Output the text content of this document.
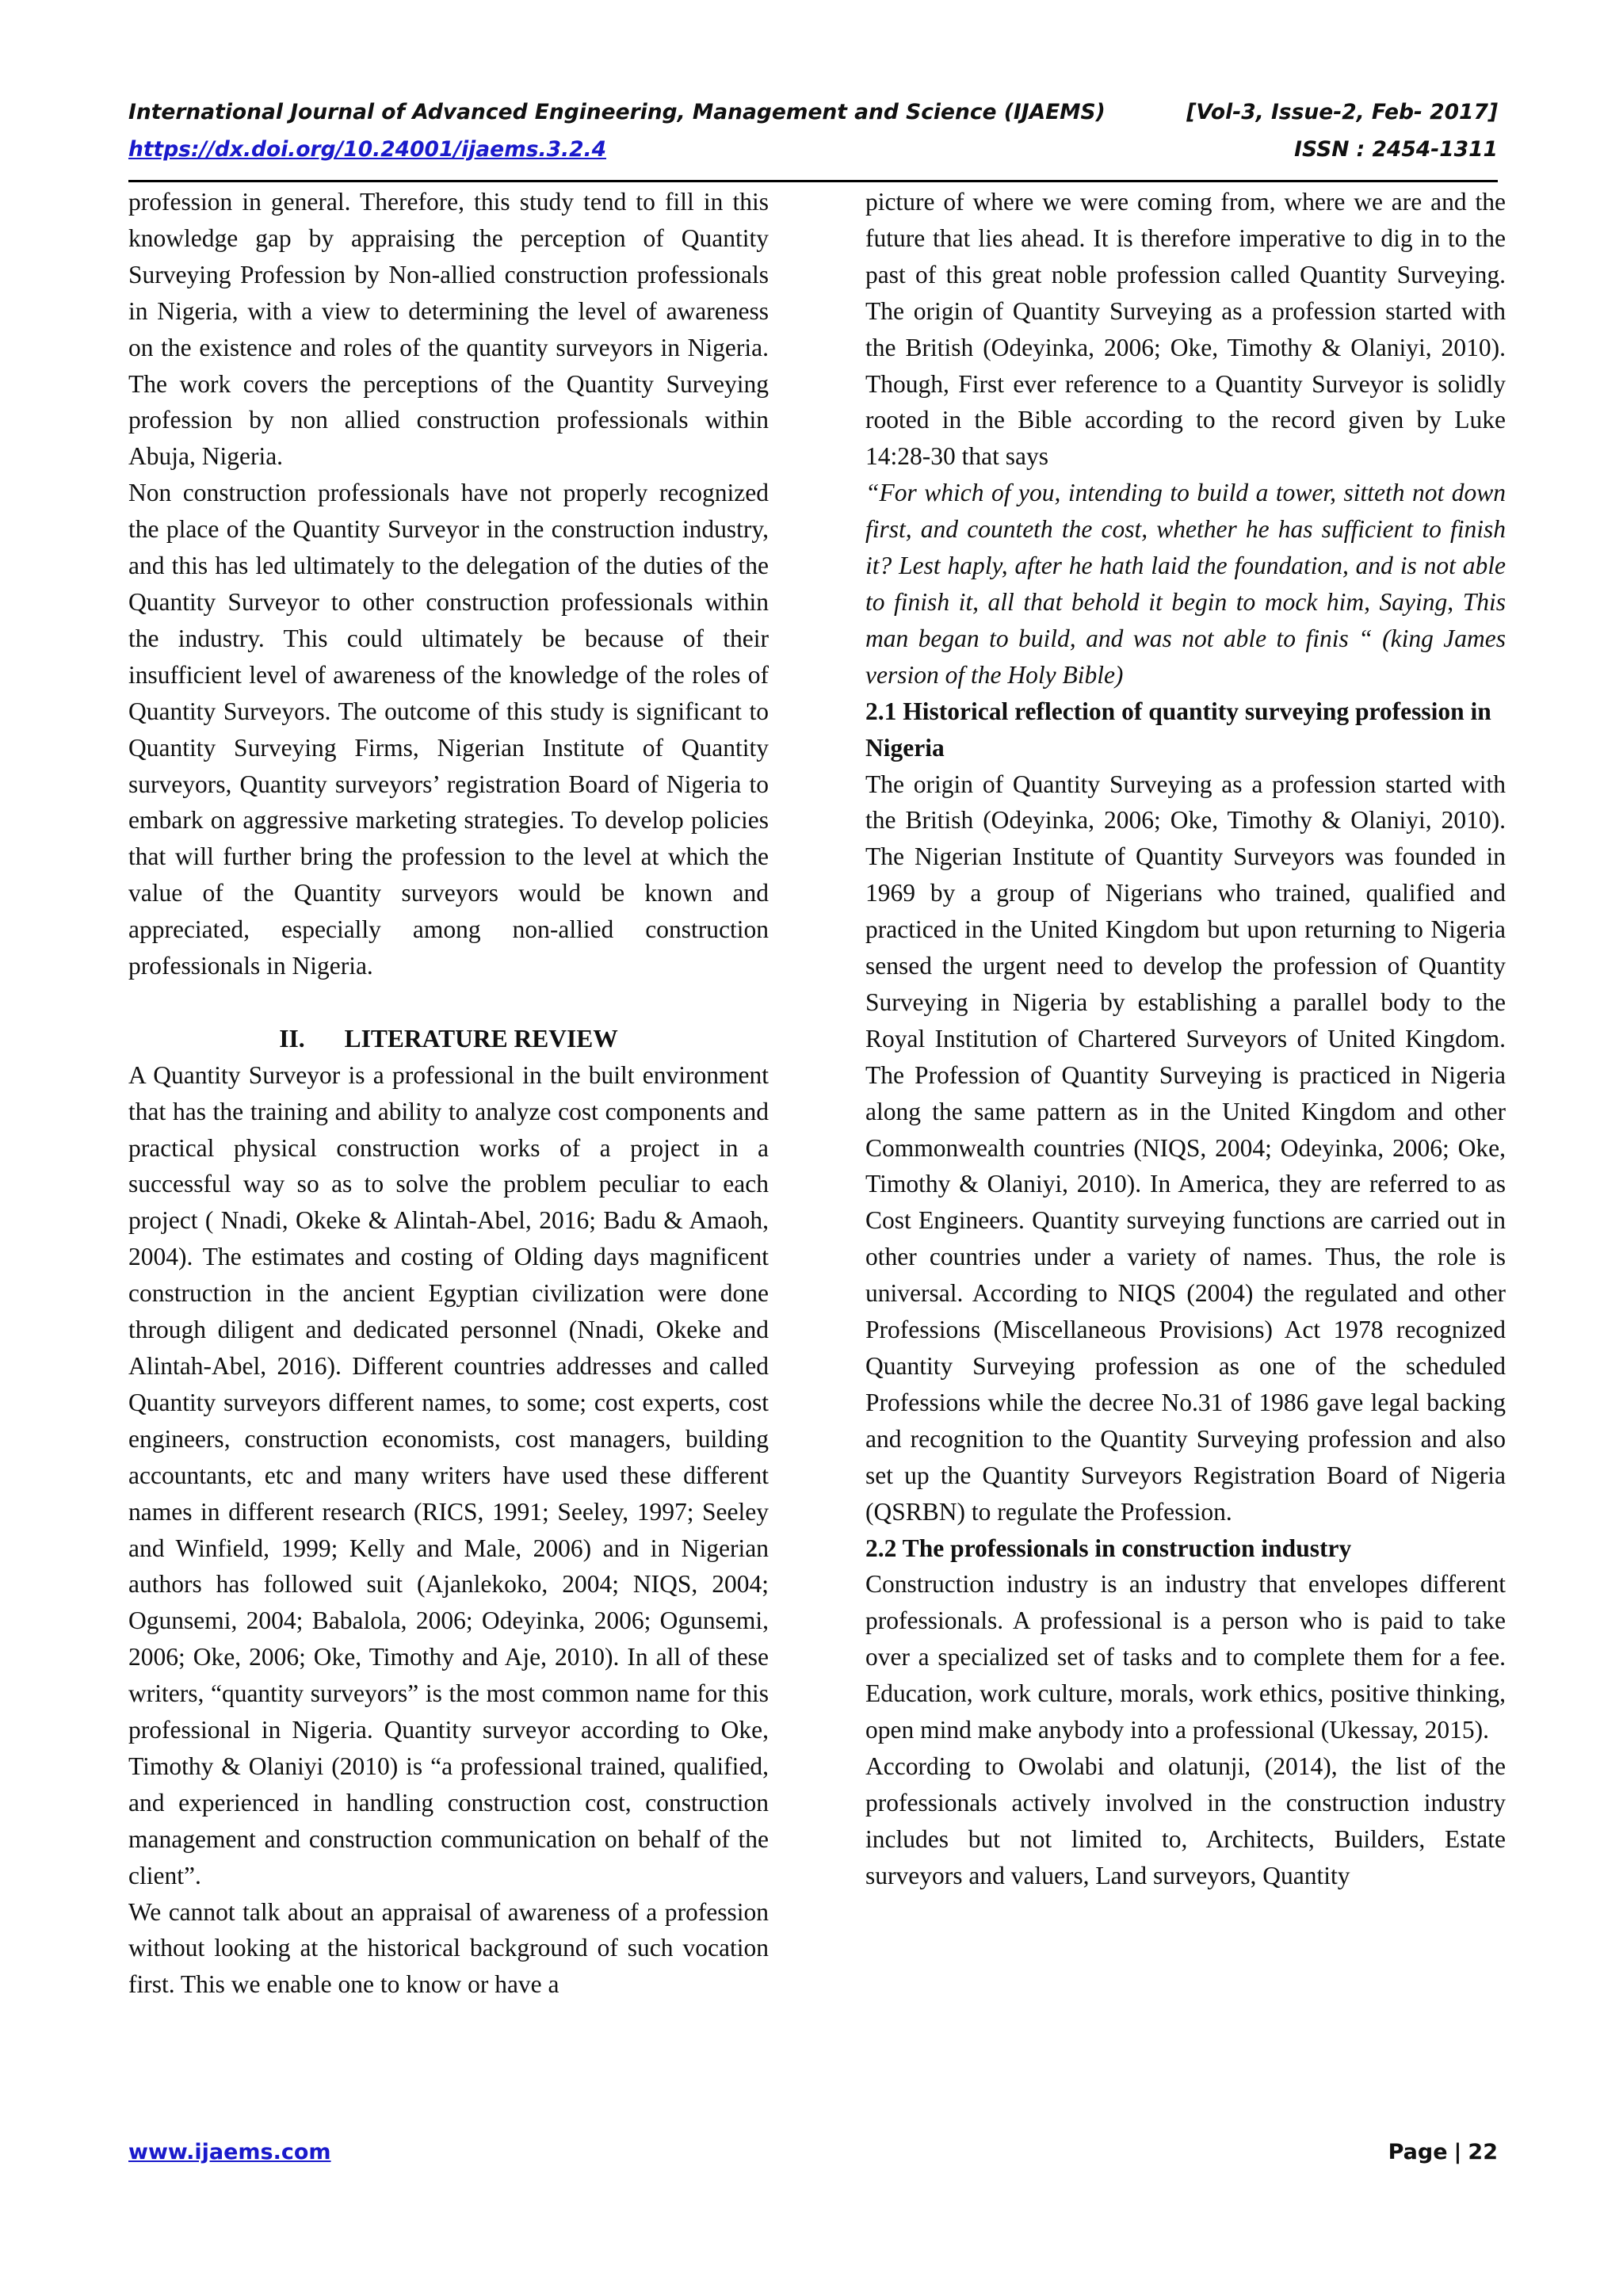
International Journal of Advanced Engineering, Management and Science (IJAEMS)	[Vol-3, Issue-2, Feb- 2017]
https://dx.doi.org/10.24001/ijaems.3.2.4	ISSN : 2454-1311

profession in general. Therefore, this study tend to fill in this knowledge gap by appraising the perception of Quantity Surveying Profession by Non-allied construction professionals in Nigeria, with a view to determining the level of awareness on the existence and roles of the quantity surveyors in Nigeria. The work covers the perceptions of the Quantity Surveying profession by non allied construction professionals within Abuja, Nigeria.

Non construction professionals have not properly recognized the place of the Quantity Surveyor in the construction industry, and this has led ultimately to the delegation of the duties of the Quantity Surveyor to other construction professionals within the industry. This could ultimately be because of their insufficient level of awareness of the knowledge of the roles of Quantity Surveyors. The outcome of this study is significant to Quantity Surveying Firms, Nigerian Institute of Quantity surveyors, Quantity surveyors’ registration Board of Nigeria to embark on aggressive marketing strategies. To develop policies that will further bring the profession to the level at which the value of the Quantity surveyors would be known and appreciated, especially among non-allied construction professionals in Nigeria.

II. LITERATURE REVIEW

A Quantity Surveyor is a professional in the built environment that has the training and ability to analyze cost components and practical physical construction works of a project in a successful way so as to solve the problem peculiar to each project ( Nnadi, Okeke & Alintah-Abel, 2016; Badu & Amaoh, 2004). The estimates and costing of Olding days magnificent construction in the ancient Egyptian civilization were done through diligent and dedicated personnel (Nnadi, Okeke and Alintah-Abel, 2016). Different countries addresses and called Quantity surveyors different names, to some; cost experts, cost engineers, construction economists, cost managers, building accountants, etc and many writers have used these different names in different research (RICS, 1991; Seeley, 1997; Seeley and Winfield, 1999; Kelly and Male, 2006) and in Nigerian authors has followed suit (Ajanlekoko, 2004; NIQS, 2004; Ogunsemi, 2004; Babalola, 2006; Odeyinka, 2006; Ogunsemi, 2006; Oke, 2006; Oke, Timothy and Aje, 2010). In all of these writers, “quantity surveyors” is the most common name for this professional in Nigeria. Quantity surveyor according to Oke, Timothy & Olaniyi (2010) is “a professional trained, qualified, and experienced in handling construction cost, construction management and construction communication on behalf of the client”.

We cannot talk about an appraisal of awareness of a profession without looking at the historical background of such vocation first. This we enable one to know or have a

picture of where we were coming from, where we are and the future that lies ahead. It is therefore imperative to dig in to the past of this great noble profession called Quantity Surveying. The origin of Quantity Surveying as a profession started with the British (Odeyinka, 2006; Oke, Timothy & Olaniyi, 2010). Though, First ever reference to a Quantity Surveyor is solidly rooted in the Bible according to the record given by Luke 14:28-30 that says

“For which of you, intending to build a tower, sitteth not down first, and counteth the cost, whether he has sufficient to finish it? Lest haply, after he hath laid the foundation, and is not able to finish it, all that behold it begin to mock him, Saying, This man began to build, and was not able to finis “ (king James version of the Holy Bible)

2.1 Historical reflection of quantity surveying profession in Nigeria

The origin of Quantity Surveying as a profession started with the British (Odeyinka, 2006; Oke, Timothy & Olaniyi, 2010). The Nigerian Institute of Quantity Surveyors was founded in 1969 by a group of Nigerians who trained, qualified and practiced in the United Kingdom but upon returning to Nigeria sensed the urgent need to develop the profession of Quantity Surveying in Nigeria by establishing a parallel body to the Royal Institution of Chartered Surveyors of United Kingdom. The Profession of Quantity Surveying is practiced in Nigeria along the same pattern as in the United Kingdom and other Commonwealth countries (NIQS, 2004; Odeyinka, 2006; Oke, Timothy & Olaniyi, 2010). In America, they are referred to as Cost Engineers. Quantity surveying functions are carried out in other countries under a variety of names. Thus, the role is universal. According to NIQS (2004) the regulated and other Professions (Miscellaneous Provisions) Act 1978 recognized Quantity Surveying profession as one of the scheduled Professions while the decree No.31 of 1986 gave legal backing and recognition to the Quantity Surveying profession and also set up the Quantity Surveyors Registration Board of Nigeria (QSRBN) to regulate the Profession.

2.2 The professionals in construction industry

Construction industry is an industry that envelopes different professionals. A professional is a person who is paid to take over a specialized set of tasks and to complete them for a fee. Education, work culture, morals, work ethics, positive thinking, open mind make anybody into a professional (Ukessay, 2015).

According to Owolabi and olatunji, (2014), the list of the professionals actively involved in the construction industry includes but not limited to, Architects, Builders, Estate surveyors and valuers, Land surveyors, Quantity

www.ijaems.com	Page | 22
